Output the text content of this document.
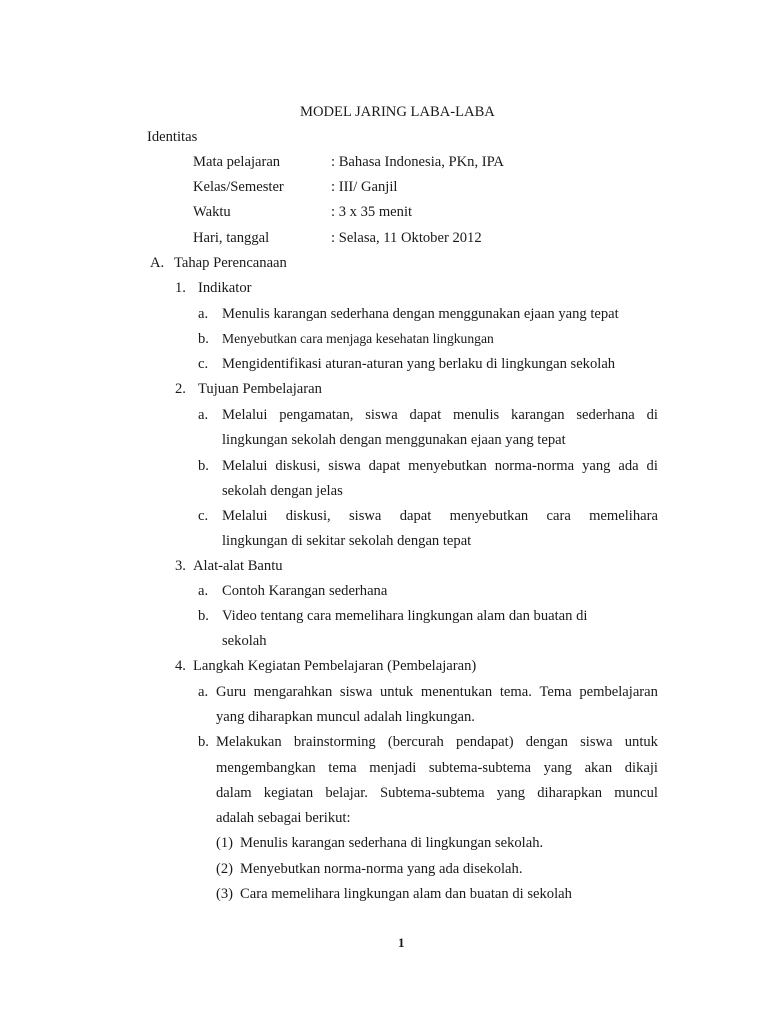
MODEL JARING LABA-LABA
Identitas
Mata pelajaran	: Bahasa Indonesia, PKn, IPA
Kelas/Semester	: III/ Ganjil
Waktu	: 3 x 35 menit
Hari, tanggal	: Selasa, 11 Oktober 2012
A. Tahap Perencanaan
1. Indikator
a. Menulis karangan sederhana dengan menggunakan ejaan yang tepat
b. Menyebutkan cara menjaga kesehatan lingkungan
c. Mengidentifikasi aturan-aturan yang berlaku di lingkungan sekolah
2. Tujuan Pembelajaran
a. Melalui pengamatan, siswa dapat menulis karangan sederhana di
lingkungan sekolah dengan menggunakan ejaan yang tepat
b. Melalui diskusi, siswa dapat menyebutkan norma-norma yang ada di
sekolah dengan jelas
c. Melalui diskusi, siswa dapat menyebutkan cara memelihara
lingkungan di sekitar sekolah dengan tepat
3. Alat-alat Bantu
a. Contoh Karangan sederhana
b. Video tentang cara memelihara lingkungan alam dan buatan di
sekolah
4. Langkah Kegiatan Pembelajaran (Pembelajaran)
a. Guru mengarahkan siswa untuk menentukan tema. Tema pembelajaran
yang diharapkan muncul adalah lingkungan.
b. Melakukan brainstorming (bercurah pendapat) dengan siswa untuk
mengembangkan tema menjadi subtema-subtema yang akan dikaji
dalam kegiatan belajar. Subtema-subtema yang diharapkan muncul
adalah sebagai berikut:
(1) Menulis karangan sederhana di lingkungan sekolah.
(2) Menyebutkan norma-norma yang ada disekolah.
(3) Cara memelihara lingkungan alam dan buatan di sekolah
1
